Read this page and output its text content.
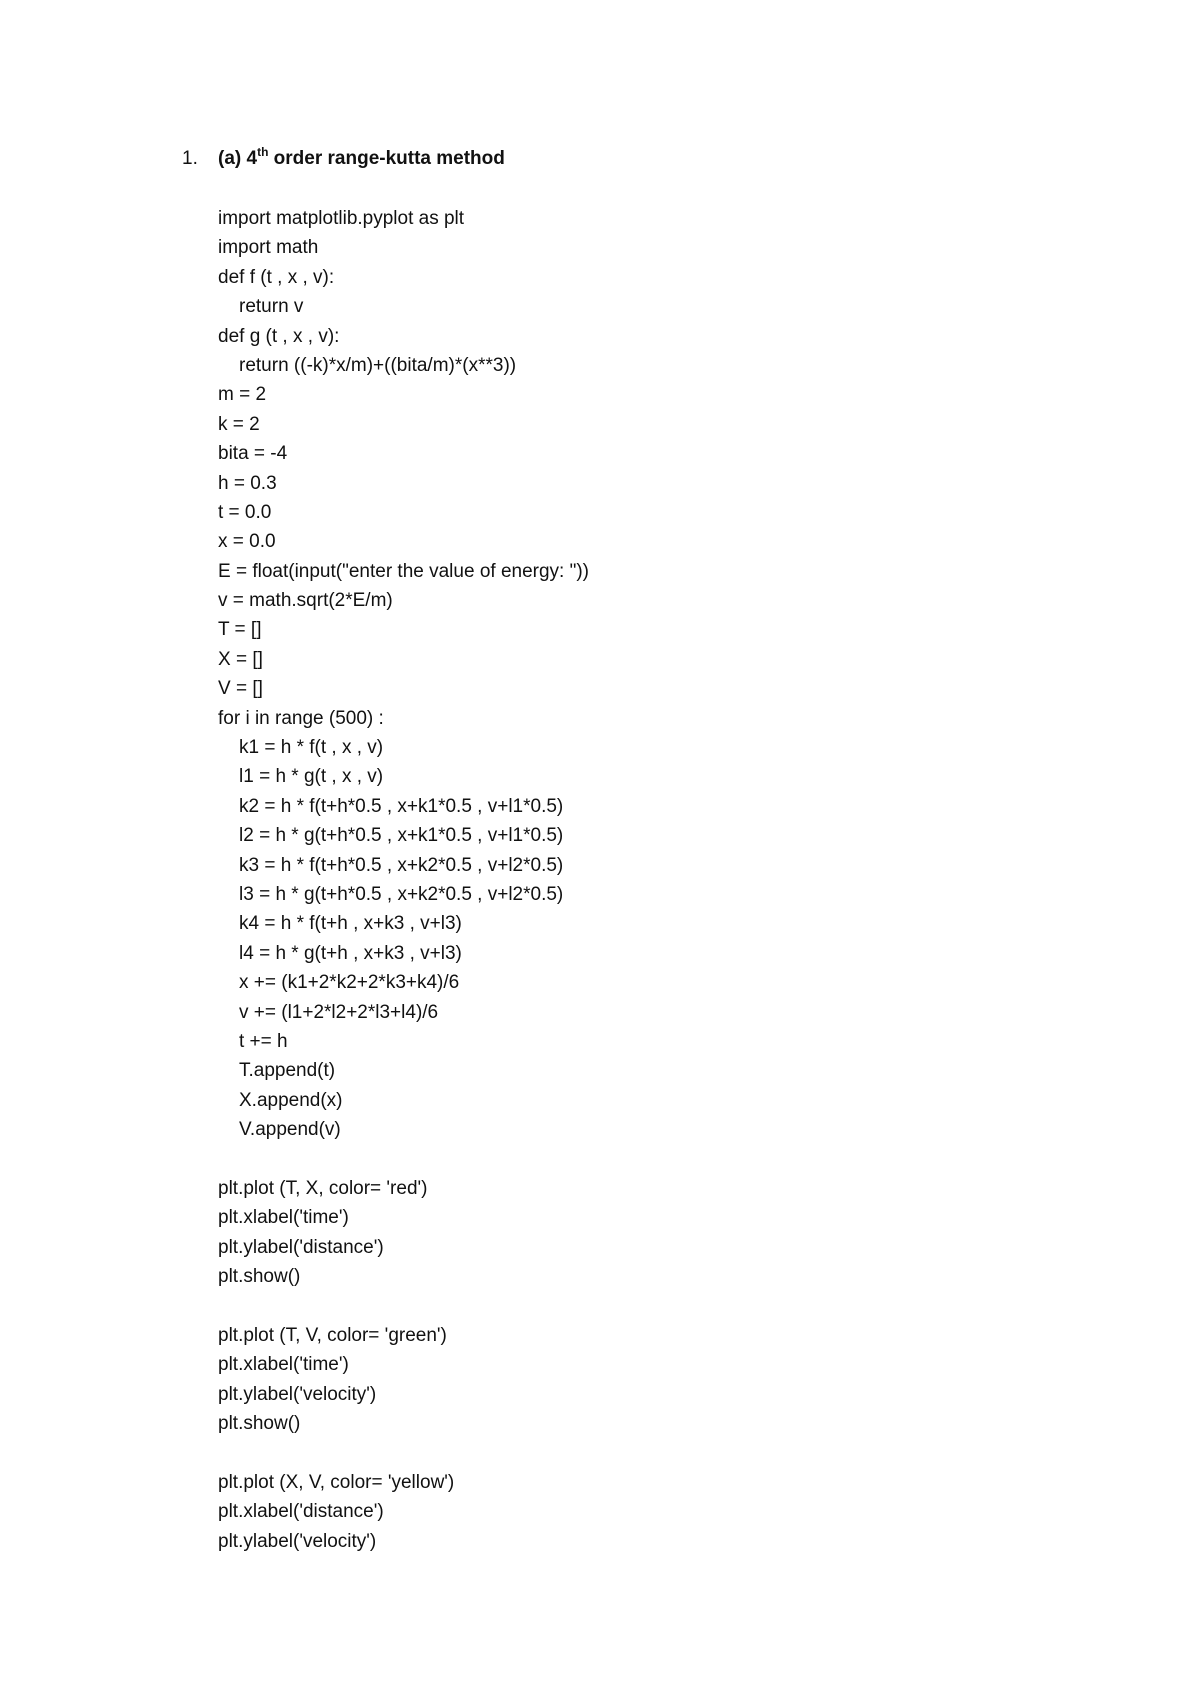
1. (a) 4th order range-kutta method
import matplotlib.pyplot as plt
import math
def f (t , x , v):
return v
def g (t , x , v):
return ((-k)*x/m)+((bita/m)*(x**3))
m = 2
k = 2
bita = -4
h = 0.3
t = 0.0
x = 0.0
E = float(input("enter the value of energy: "))
v = math.sqrt(2*E/m)
T = []
X = []
V = []
for i in range (500) :
k1 = h * f(t , x , v)
l1 = h * g(t , x , v)
k2 = h * f(t+h*0.5 , x+k1*0.5 , v+l1*0.5)
l2 = h * g(t+h*0.5 , x+k1*0.5 , v+l1*0.5)
k3 = h * f(t+h*0.5 , x+k2*0.5 , v+l2*0.5)
l3 = h * g(t+h*0.5 , x+k2*0.5 , v+l2*0.5)
k4 = h * f(t+h , x+k3 , v+l3)
l4 = h * g(t+h , x+k3 , v+l3)
x += (k1+2*k2+2*k3+k4)/6
v += (l1+2*l2+2*l3+l4)/6
t += h
T.append(t)
X.append(x)
V.append(v)
plt.plot (T, X, color= 'red')
plt.xlabel('time')
plt.ylabel('distance')
plt.show()
plt.plot (T, V, color= 'green')
plt.xlabel('time')
plt.ylabel('velocity')
plt.show()
plt.plot (X, V, color= 'yellow')
plt.xlabel('distance')
plt.ylabel('velocity')
